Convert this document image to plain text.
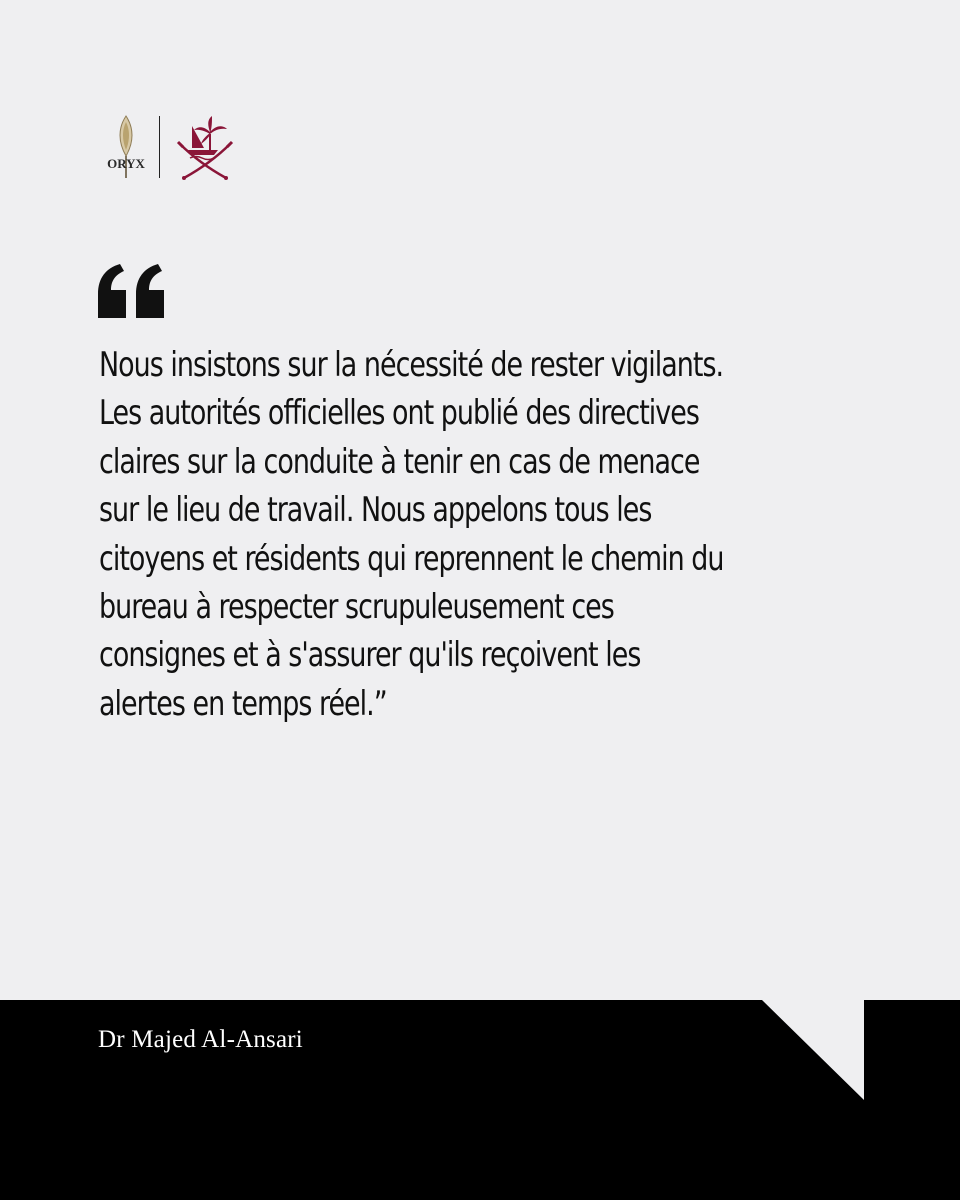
ORYX

Nous insistons sur la nécessité de rester vigilants. Les autorités officielles ont publié des directives claires sur la conduite à tenir en cas de menace sur le lieu de travail. Nous appelons tous les citoyens et résidents qui reprennent le chemin du bureau à respecter scrupuleusement ces consignes et à s'assurer qu'ils reçoivent les alertes en temps réel.”

Dr Majed Al-Ansari
